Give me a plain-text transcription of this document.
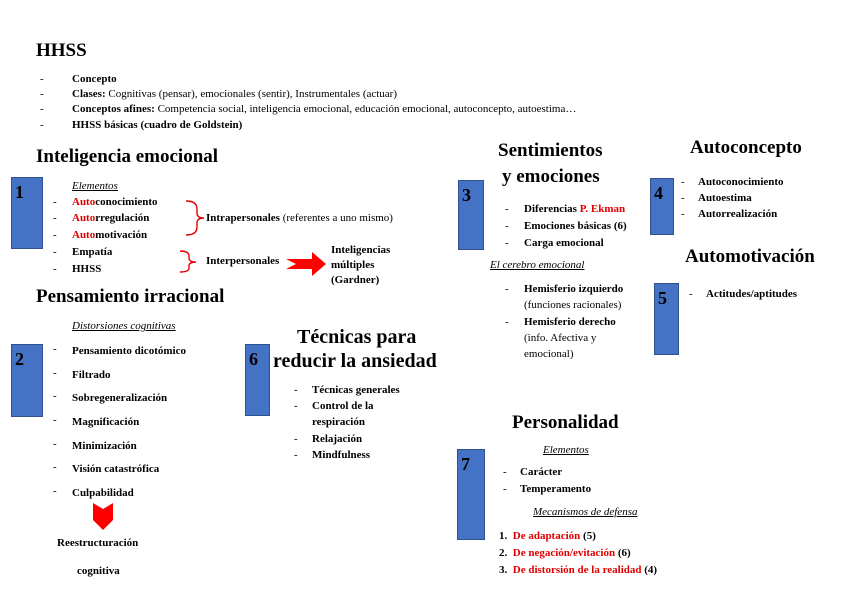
HHSS
-	Concepto
-	Clases: Cognitivas (pensar), emocionales (sentir), Instrumentales (actuar)
-	Conceptos afines: Competencia social, inteligencia emocional, educación emocional, autoconcepto, autoestima…
-	HHSS básicas (cuadro de Goldstein)
Inteligencia emocional
1	Elementos
- Autoconocimiento
- Autorregulación
- Automotivación
- Empatía
- HHSS
Intrapersonales (referentes a uno mismo)
Interpersonales
Inteligencias
múltiples
(Gardner)
Pensamiento irracional
Distorsiones cognitivas
2	- Pensamiento dicotómico
- Filtrado
- Sobregeneralización
- Magnificación
- Minimización
- Visión catastrófica
- Culpabilidad
Reestructuración
cognitiva
Técnicas para
reducir la ansiedad
6
- Técnicas generales
- Control de la
respiración
- Relajación
- Mindfulness
Sentimientos
y emociones
3
- Diferencias P. Ekman
- Emociones básicas (6)
- Carga emocional
El cerebro emocional
- Hemisferio izquierdo
(funciones racionales)
- Hemisferio derecho
(info. Afectiva y
emocional)
Autoconcepto
4
- Autoconocimiento
- Autoestima
- Autorrealización
Automotivación
5 - Actitudes/aptitudes
Personalidad
Elementos
7	- Carácter
- Temperamento
Mecanismos de defensa
1. De adaptación (5)
2. De negación/evitación (6)
3. De distorsión de la realidad (4)
